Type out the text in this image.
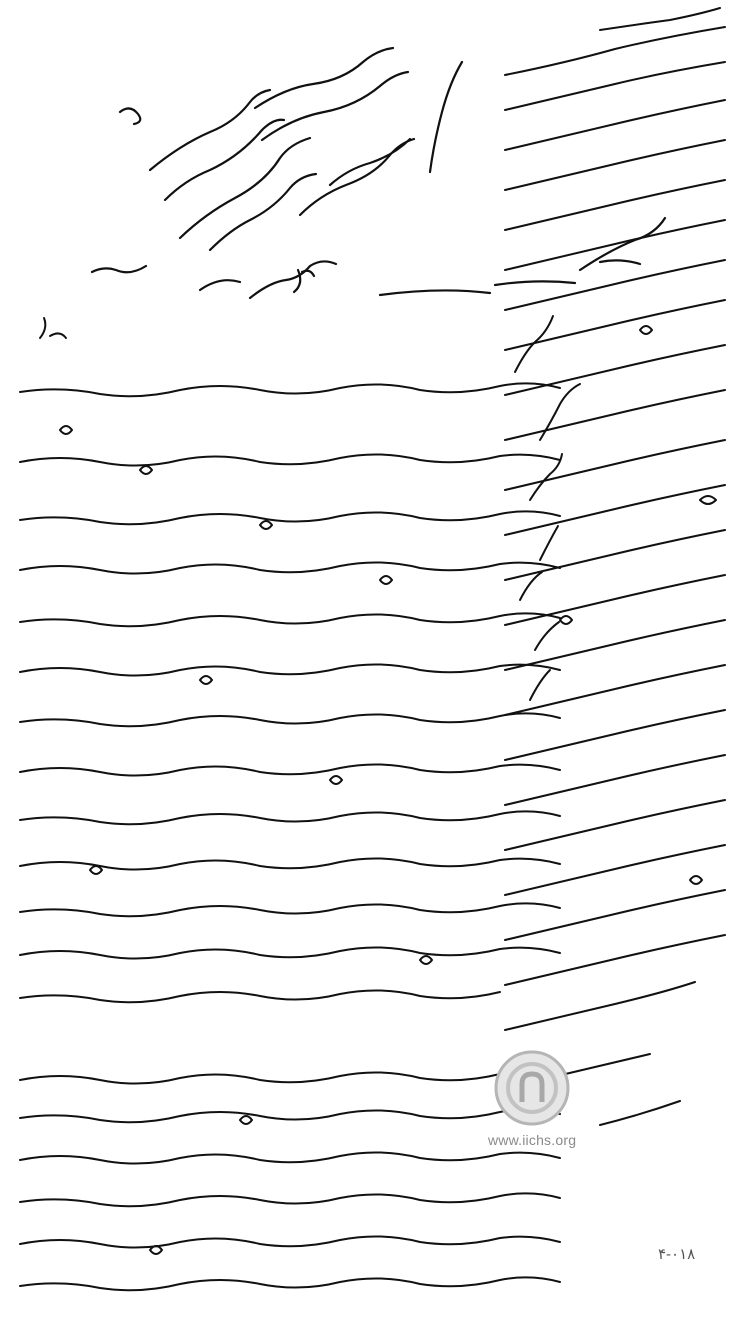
www.iichs.org
۴-۰۱۸
